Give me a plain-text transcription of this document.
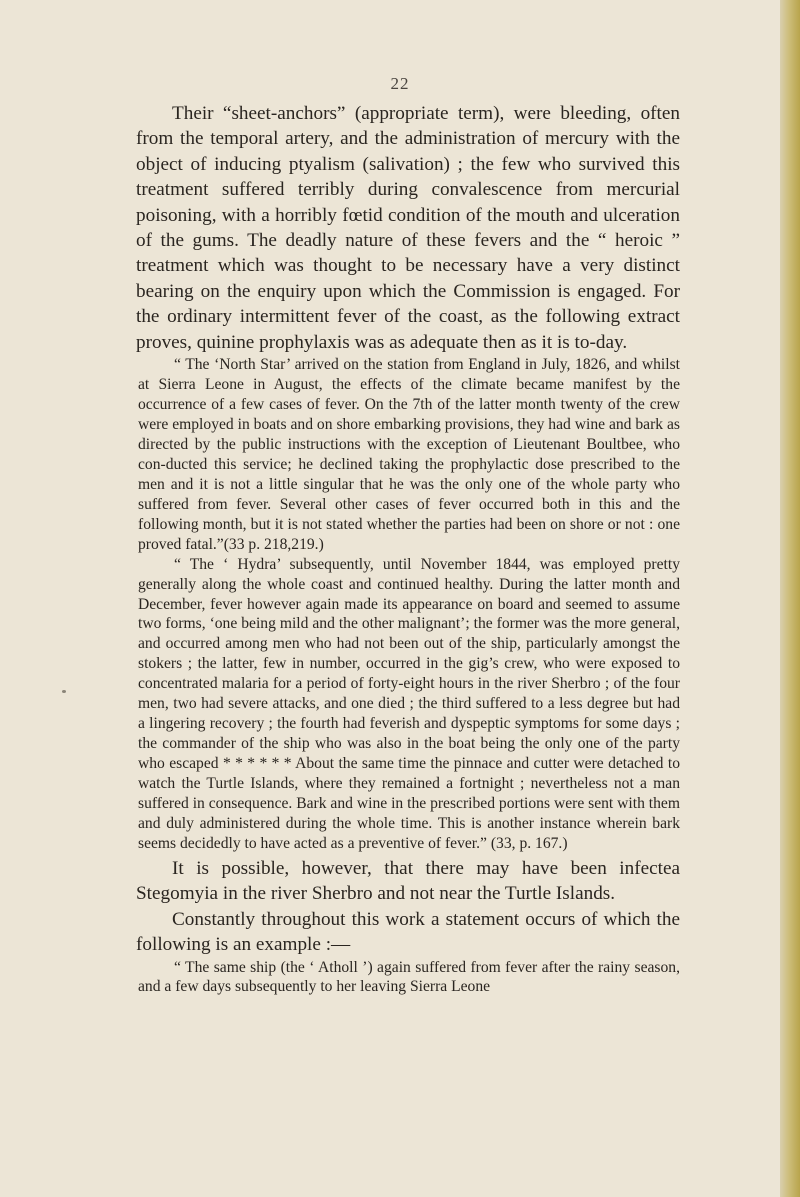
22

Their “sheet-anchors” (appropriate term), were bleeding, often from the temporal artery, and the administration of mercury with the object of inducing ptyalism (salivation) ; the few who survived this treatment suffered terribly during convalescence from mercurial poisoning, with a horribly fœtid condition of the mouth and ulceration of the gums. The deadly nature of these fevers and the “ heroic ” treatment which was thought to be necessary have a very distinct bearing on the enquiry upon which the Commission is engaged. For the ordinary intermittent fever of the coast, as the following extract proves, quinine prophylaxis was as adequate then as it is to-day.

“ The ‘North Star’ arrived on the station from England in July, 1826, and whilst at Sierra Leone in August, the effects of the climate became manifest by the occurrence of a few cases of fever. On the 7th of the latter month twenty of the crew were employed in boats and on shore embarking provisions, they had wine and bark as directed by the public instructions with the exception of Lieutenant Boultbee, who con-ducted this service; he declined taking the prophylactic dose prescribed to the men and it is not a little singular that he was the only one of the whole party who suffered from fever. Several other cases of fever occurred both in this and the following month, but it is not stated whether the parties had been on shore or not : one proved fatal.”(33 p. 218,219.)

“ The ‘ Hydra’ subsequently, until November 1844, was employed pretty generally along the whole coast and continued healthy. During the latter month and December, fever however again made its appearance on board and seemed to assume two forms, ‘one being mild and the other malignant’; the former was the more general, and occurred among men who had not been out of the ship, particularly amongst the stokers ; the latter, few in number, occurred in the gig’s crew, who were exposed to concentrated malaria for a period of forty-eight hours in the river Sherbro ; of the four men, two had severe attacks, and one died ; the third suffered to a less degree but had a lingering recovery ; the fourth had feverish and dyspeptic symptoms for some days ; the commander of the ship who was also in the boat being the only one of the party who escaped * * * * * * About the same time the pinnace and cutter were detached to watch the Turtle Islands, where they remained a fortnight ; nevertheless not a man suffered in consequence. Bark and wine in the prescribed portions were sent with them and duly administered during the whole time. This is another instance wherein bark seems decidedly to have acted as a preventive of fever.” (33, p. 167.)

It is possible, however, that there may have been infectea Stegomyia in the river Sherbro and not near the Turtle Islands.

Constantly throughout this work a statement occurs of which the following is an example :—

“ The same ship (the ‘ Atholl ’) again suffered from fever after the rainy season, and a few days subsequently to her leaving Sierra Leone
